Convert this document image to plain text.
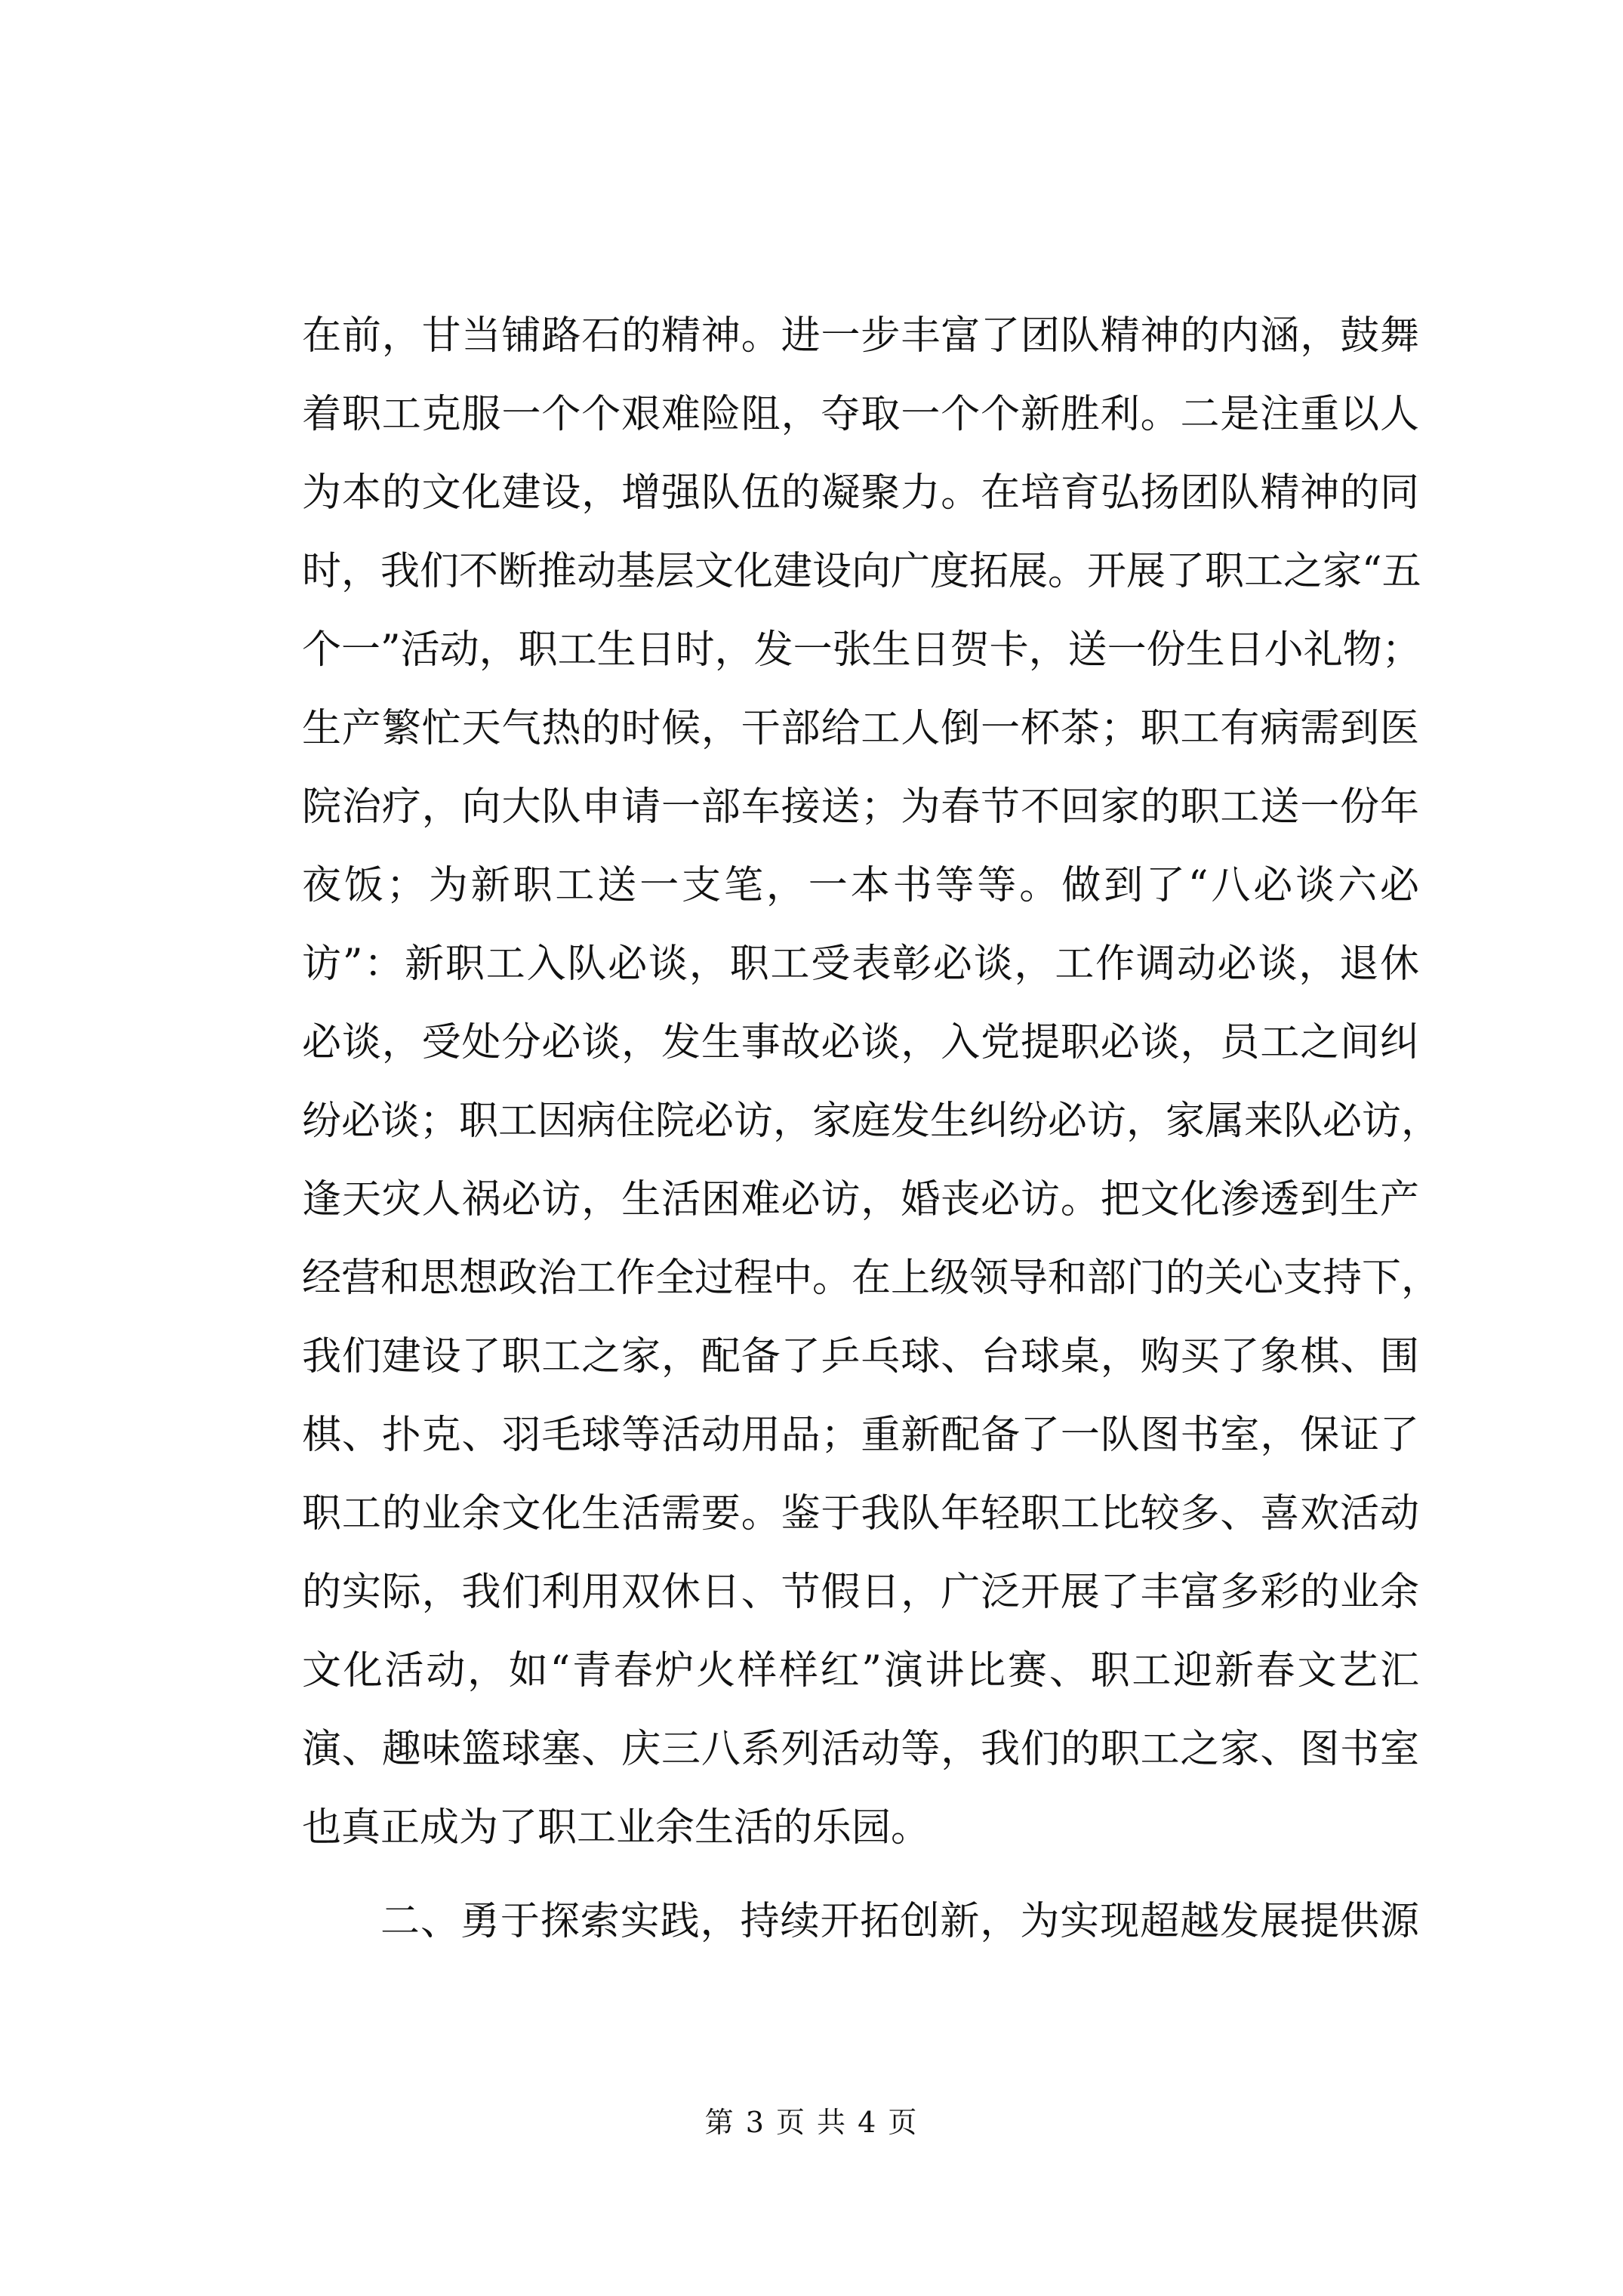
在前，甘当铺路石的精神。进一步丰富了团队精神的内涵，鼓舞
着职工克服一个个艰难险阻，夺取一个个新胜利。二是注重以人
为本的文化建设，增强队伍的凝聚力。在培育弘扬团队精神的同
时，我们不断推动基层文化建设向广度拓展。开展了职工之家“五
个一”活动，职工生日时，发一张生日贺卡，送一份生日小礼物；
生产繁忙天气热的时候，干部给工人倒一杯茶；职工有病需到医
院治疗，向大队申请一部车接送；为春节不回家的职工送一份年
夜饭；为新职工送一支笔，一本书等等。做到了“八必谈六必
访”：新职工入队必谈，职工受表彰必谈，工作调动必谈，退休
必谈，受处分必谈，发生事故必谈，入党提职必谈，员工之间纠
纷必谈；职工因病住院必访，家庭发生纠纷必访，家属来队必访，
逢天灾人祸必访，生活困难必访，婚丧必访。把文化渗透到生产
经营和思想政治工作全过程中。在上级领导和部门的关心支持下，
我们建设了职工之家，配备了乒乓球、台球桌，购买了象棋、围
棋、扑克、羽毛球等活动用品；重新配备了一队图书室，保证了
职工的业余文化生活需要。鉴于我队年轻职工比较多、喜欢活动
的实际，我们利用双休日、节假日，广泛开展了丰富多彩的业余
文化活动，如“青春炉火样样红”演讲比赛、职工迎新春文艺汇
演、趣味篮球塞、庆三八系列活动等，我们的职工之家、图书室
也真正成为了职工业余生活的乐园。
二、勇于探索实践，持续开拓创新，为实现超越发展提供源
第 3 页 共 4 页
